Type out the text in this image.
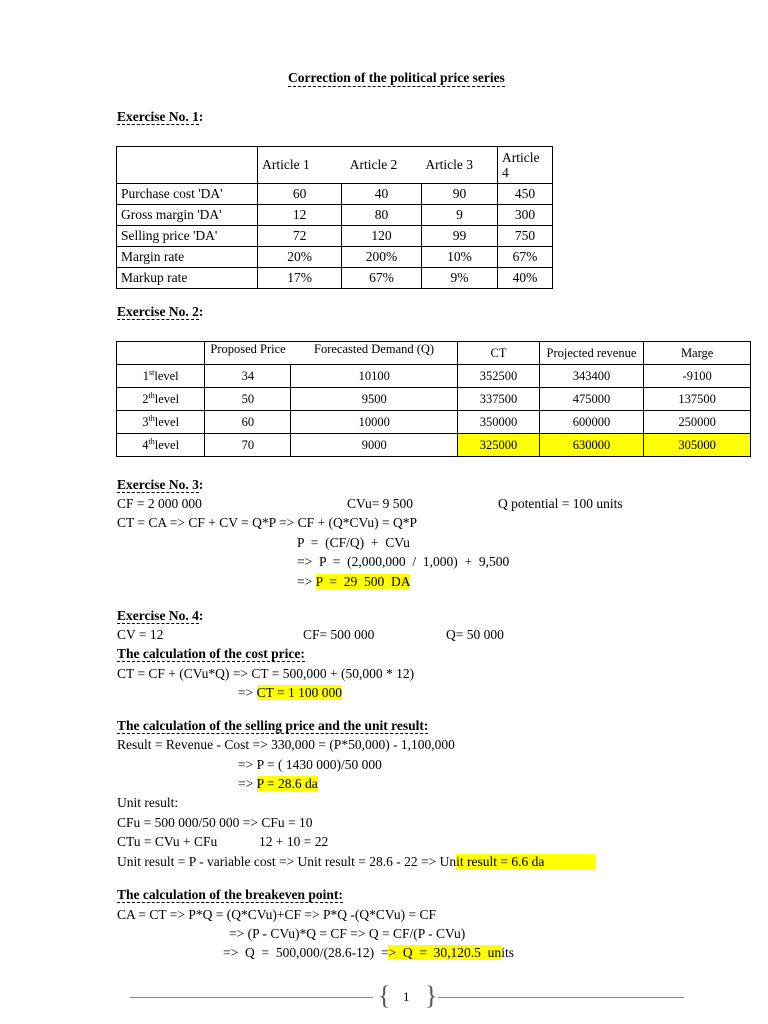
Correction of the political price series
Exercise No. 1:
	Article 1	Article 2	Article 3	Article 4
Purchase cost 'DA'	60	40	90	450
Gross margin 'DA'	12	80	9	300
Selling price 'DA'	72	120	99	750
Margin rate	20%	200%	10%	67%
Markup rate	17%	67%	9%	40%
Exercise No. 2:
	Proposed Price	Forecasted Demand (Q)	CT	Projected revenue	Marge
1stlevel	34	10100	352500	343400	-9100
2thlevel	50	9500	337500	475000	137500
3thlevel	60	10000	350000	600000	250000
4thlevel	70	9000	325000	630000	305000
Exercise No. 3:
CF = 2 000 000	CVu= 9 500	Q potential = 100 units
CT = CA => CF + CV = Q*P => CF + (Q*CVu) = Q*P
P  =  (CF/Q)  +  CVu
=>  P  =  (2,000,000  /  1,000)  +  9,500
=> P  =  29  500  DA
Exercise No. 4:
CV = 12	CF= 500 000	Q= 50 000
The calculation of the cost price:
CT = CF + (CVu*Q) => CT = 500,000 + (50,000 * 12)
=> CT = 1 100 000
The calculation of the selling price and the unit result:
Result = Revenue - Cost => 330,000 = (P*50,000) - 1,100,000
=> P = ( 1430 000)/50 000
=> P = 28.6 da
Unit result:
CFu = 500 000/50 000 => CFu = 10
CTu = CVu + CFu	12 + 10 = 22
Unit result = P - variable cost => Unit result = 28.6 - 22 => Unit result = 6.6 da
The calculation of the breakeven point:
CA = CT => P*Q = (Q*CVu)+CF => P*Q -(Q*CVu) = CF
=> (P - CVu)*Q = CF => Q = CF/(P - CVu)
=>  Q  =  500,000/(28.6-12)  =>  Q  =  30,120.5  units
{ 1 }
